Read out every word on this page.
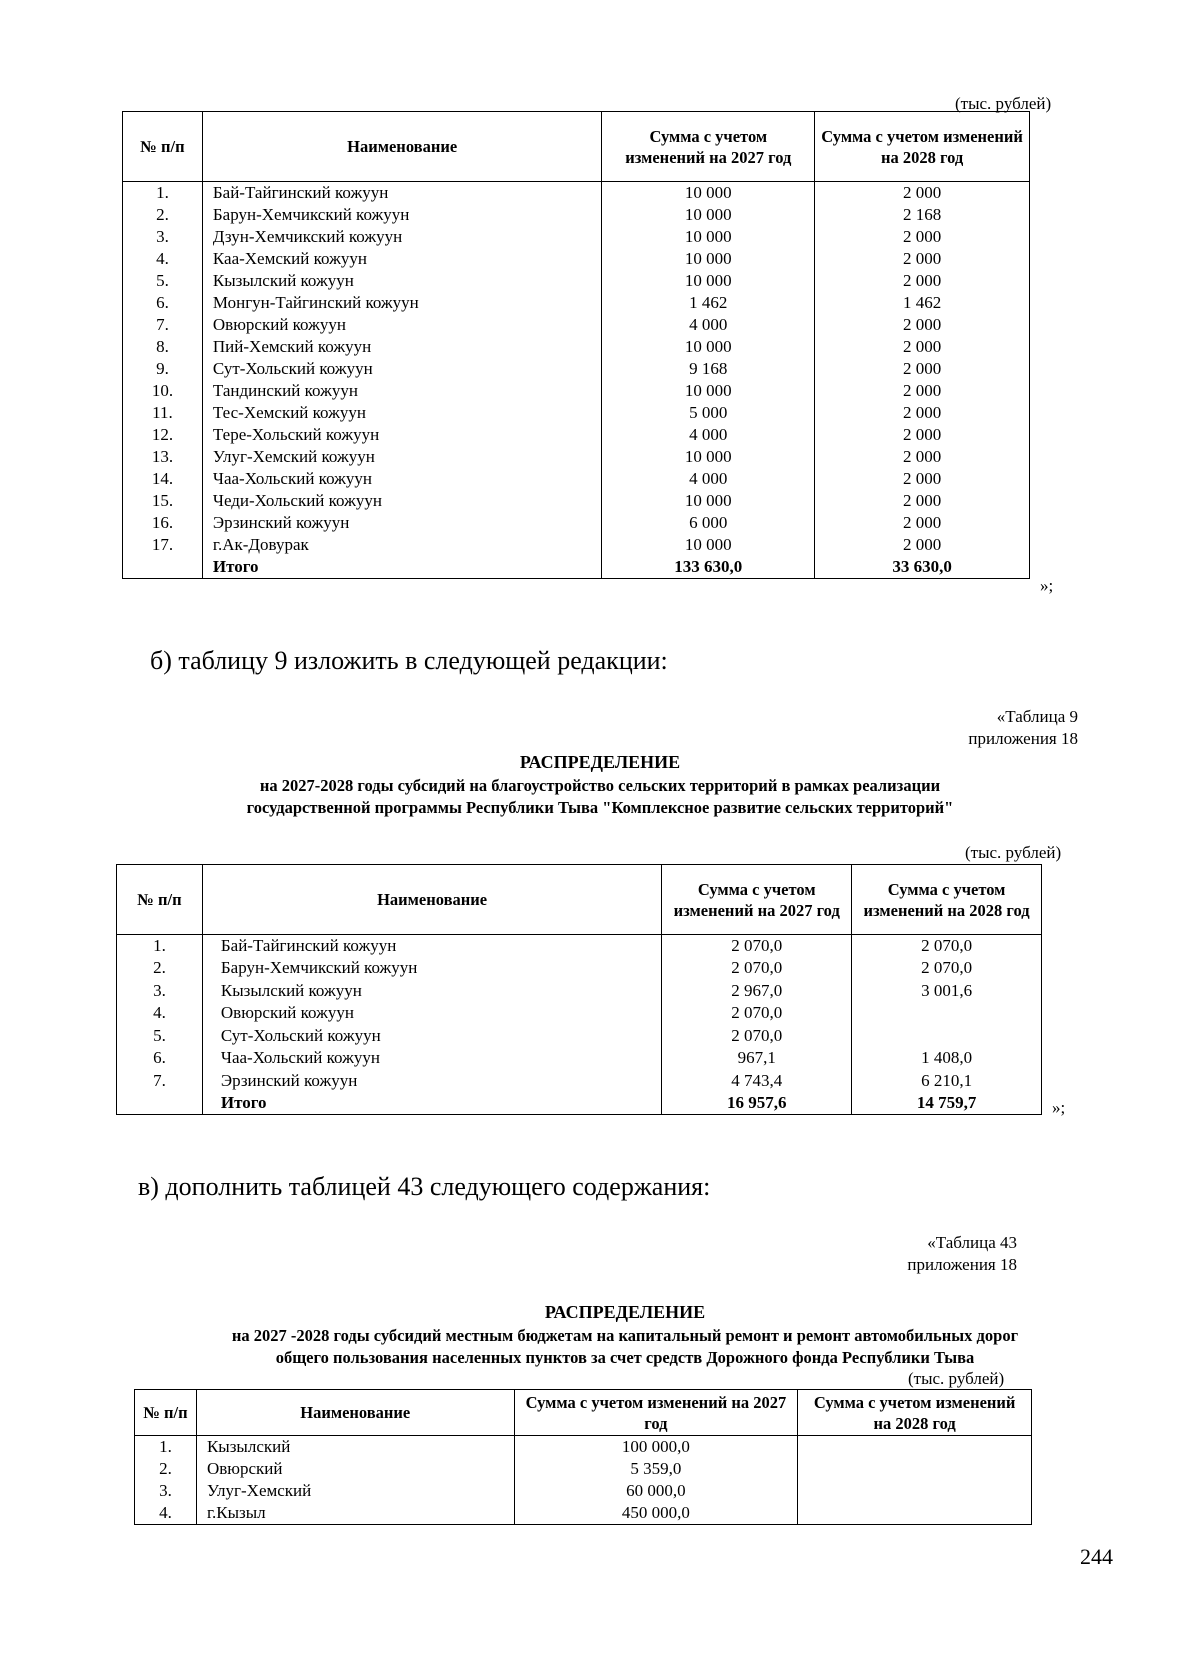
(тыс. рублей)
№ п/п	Наименование	Сумма с учетом изменений на 2027 год	Сумма с учетом изменений на 2028 год
1.	Бай-Тайгинский кожуун	10 000	2 000
2.	Барун-Хемчикский кожуун	10 000	2 168
3.	Дзун-Хемчикский кожуун	10 000	2 000
4.	Каа-Хемский кожуун	10 000	2 000
5.	Кызылский кожуун	10 000	2 000
6.	Монгун-Тайгинский кожуун	1 462	1 462
7.	Овюрский кожуун	4 000	2 000
8.	Пий-Хемский кожуун	10 000	2 000
9.	Сут-Хольский кожуун	9 168	2 000
10.	Тандинский кожуун	10 000	2 000
11.	Тес-Хемский кожуун	5 000	2 000
12.	Тере-Хольский кожуун	4 000	2 000
13.	Улуг-Хемский кожуун	10 000	2 000
14.	Чаа-Хольский кожуун	4 000	2 000
15.	Чеди-Хольский кожуун	10 000	2 000
16.	Эрзинский кожуун	6 000	2 000
17.	г.Ак-Довурак	10 000	2 000
	Итого	133 630,0	33 630,0
»;
б) таблицу 9 изложить в следующей редакции:
«Таблица 9
приложения 18
РАСПРЕДЕЛЕНИЕ
на 2027-2028 годы субсидий на благоустройство сельских территорий в рамках реализации
государственной программы Республики Тыва "Комплексное развитие сельских территорий"
(тыс. рублей)
№ п/п	Наименование	Сумма с учетом изменений на 2027 год	Сумма с учетом изменений на 2028 год
1.	Бай-Тайгинский кожуун	2 070,0	2 070,0
2.	Барун-Хемчикский кожуун	2 070,0	2 070,0
3.	Кызылский кожуун	2 967,0	3 001,6
4.	Овюрский кожуун	2 070,0	
5.	Сут-Хольский кожуун	2 070,0	
6.	Чаа-Хольский кожуун	967,1	1 408,0
7.	Эрзинский кожуун	4 743,4	6 210,1
	Итого	16 957,6	14 759,7	»;
в) дополнить таблицей 43 следующего содержания:
«Таблица 43
приложения 18
РАСПРЕДЕЛЕНИЕ
на 2027 -2028 годы субсидий местным бюджетам на капитальный ремонт и ремонт автомобильных дорог
общего пользования населенных пунктов за счет средств Дорожного фонда Республики Тыва
(тыс. рублей)
№ п/п	Наименование	Сумма с учетом изменений на 2027 год	Сумма с учетом изменений на 2028 год
1.	Кызылский	100 000,0	
2.	Овюрский	5 359,0	
3.	Улуг-Хемский	60 000,0	
4.	г.Кызыл	450 000,0	
244
